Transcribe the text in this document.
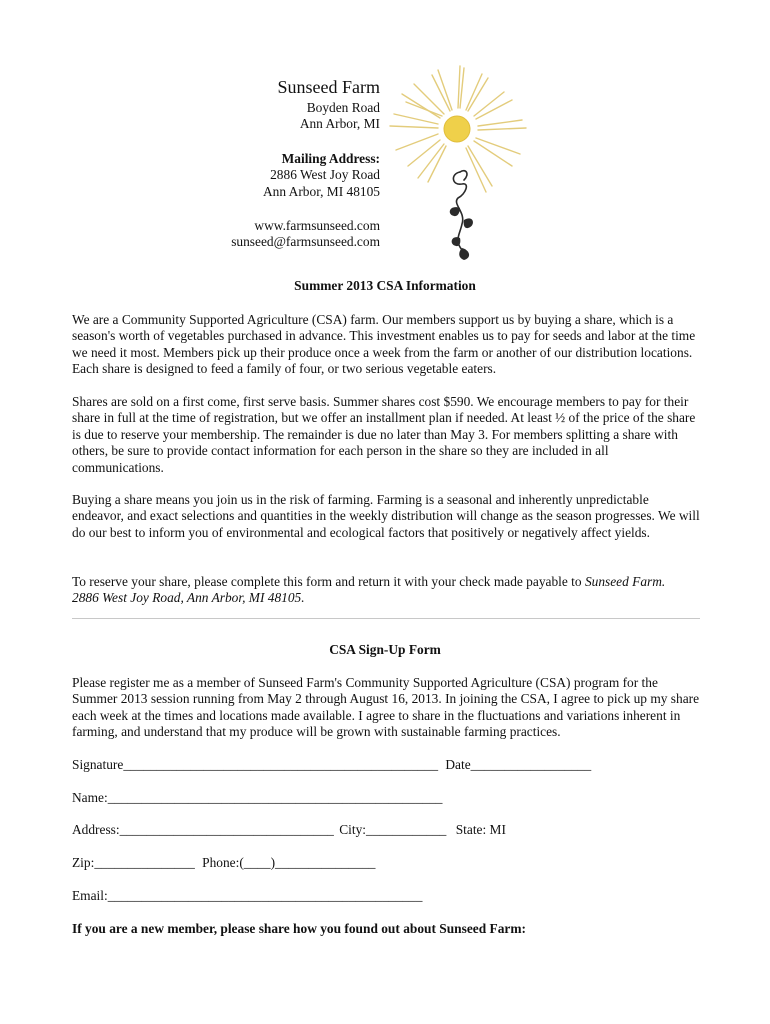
Sunseed Farm
Boyden Road
Ann Arbor, MI
Mailing Address:
2886 West Joy Road
Ann Arbor, MI 48105
www.farmsunseed.com
sunseed@farmsunseed.com
Summer 2013 CSA Information

We are a Community Supported Agriculture (CSA) farm. Our members support us by buying a share, which is a season's worth of vegetables purchased in advance. This investment enables us to pay for seeds and labor at the time we need it most. Members pick up their produce once a week from the farm or another of our distribution locations. Each share is designed to feed a family of four, or two serious vegetable eaters.

Shares are sold on a first come, first serve basis. Summer shares cost $590. We encourage members to pay for their share in full at the time of registration, but we offer an installment plan if needed. At least ½ of the price of the share is due to reserve your membership. The remainder is due no later than May 3. For members splitting a share with others, be sure to provide contact information for each person in the share so they are included in all communications.

Buying a share means you join us in the risk of farming. Farming is a seasonal and inherently unpredictable endeavor, and exact selections and quantities in the weekly distribution will change as the season progresses. We will do our best to inform you of environmental and ecological factors that positively or negatively affect yields.

To reserve your share, please complete this form and return it with your check made payable to Sunseed Farm.
2886 West Joy Road, Ann Arbor, MI 48105.

CSA Sign-Up Form

Please register me as a member of Sunseed Farm's Community Supported Agriculture (CSA) program for the Summer 2013 session running from May 2 through August 16, 2013. In joining the CSA, I agree to pick up my share each week at the times and locations made available. I agree to share in the fluctuations and variations inherent in farming, and understand that my produce will be grown with sustainable farming practices.

Signature_______________________________________________ Date__________________
Name:__________________________________________________
Address:________________________________ City:____________ State: MI
Zip:_______________ Phone:(____)_______________
Email:_______________________________________________
If you are a new member, please share how you found out about Sunseed Farm:
